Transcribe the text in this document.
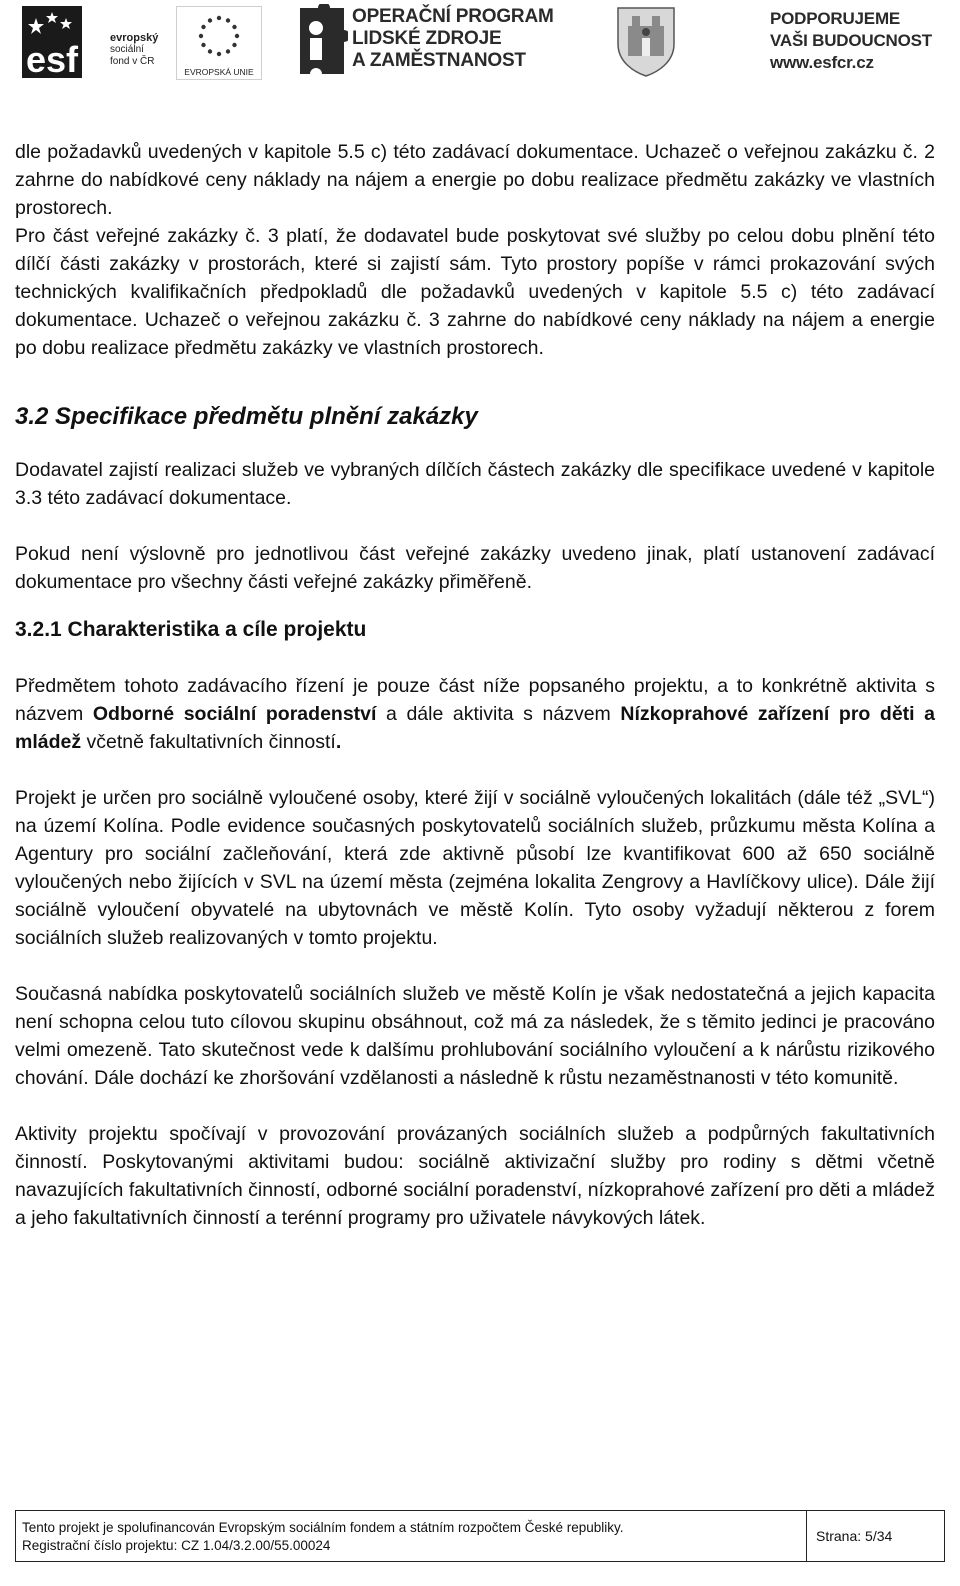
esf
evropský
sociální
fond v ČR
EVROPSKÁ UNIE
OPERAČNÍ PROGRAM
LIDSKÉ ZDROJE
A ZAMĚSTNANOST
PODPORUJEME
VAŠI BUDOUCNOST
www.esfcr.cz

dle požadavků uvedených v kapitole 5.5 c) této zadávací dokumentace. Uchazeč o veřejnou zakázku č. 2 zahrne do nabídkové ceny náklady na nájem a energie po dobu realizace předmětu zakázky ve vlastních prostorech.

Pro část veřejné zakázky č. 3 platí, že dodavatel bude poskytovat své služby po celou dobu plnění této dílčí části zakázky v prostorách, které si zajistí sám. Tyto prostory popíše v rámci prokazování svých technických kvalifikačních předpokladů dle požadavků uvedených v kapitole 5.5 c) této zadávací dokumentace. Uchazeč o veřejnou zakázku č. 3 zahrne do nabídkové ceny náklady na nájem a energie po dobu realizace předmětu zakázky ve vlastních prostorech.

3.2 Specifikace předmětu plnění zakázky

Dodavatel zajistí realizaci služeb ve vybraných dílčích částech zakázky dle specifikace uvedené v kapitole 3.3 této zadávací dokumentace.

Pokud není výslovně pro jednotlivou část veřejné zakázky uvedeno jinak, platí ustanovení zadávací dokumentace pro všechny části veřejné zakázky přiměřeně.

3.2.1 Charakteristika a cíle projektu

Předmětem tohoto zadávacího řízení je pouze část níže popsaného projektu, a to konkrétně aktivita s názvem Odborné sociální poradenství a dále aktivita s názvem Nízkoprahové zařízení pro děti a mládež včetně fakultativních činností.

Projekt je určen pro sociálně vyloučené osoby, které žijí v sociálně vyloučených lokalitách (dále též „SVL“) na území Kolína. Podle evidence současných poskytovatelů sociálních služeb, průzkumu města Kolína a Agentury pro sociální začleňování, která zde aktivně působí lze kvantifikovat 600 až 650 sociálně vyloučených nebo žijících v SVL na území města (zejména lokalita Zengrovy a Havlíčkovy ulice). Dále žijí sociálně vyloučení obyvatelé na ubytovnách ve městě Kolín. Tyto osoby vyžadují některou z forem sociálních služeb realizovaných v tomto projektu.

Současná nabídka poskytovatelů sociálních služeb ve městě Kolín je však nedostatečná a jejich kapacita není schopna celou tuto cílovou skupinu obsáhnout, což má za následek, že s těmito jedinci je pracováno velmi omezeně. Tato skutečnost vede k dalšímu prohlubování sociálního vyloučení a k nárůstu rizikového chování. Dále dochází ke zhoršování vzdělanosti a následně k růstu nezaměstnanosti v této komunitě.

Aktivity projektu spočívají v provozování provázaných sociálních služeb a podpůrných fakultativních činností. Poskytovanými aktivitami budou: sociálně aktivizační služby pro rodiny s dětmi včetně navazujících fakultativních činností, odborné sociální poradenství, nízkoprahové zařízení pro děti a mládež a jeho fakultativních činností a terénní programy pro uživatele návykových látek.

Tento projekt je spolufinancován Evropským sociálním fondem a státním rozpočtem České republiky.
Registrační číslo projektu: CZ 1.04/3.2.00/55.00024
Strana: 5/34
